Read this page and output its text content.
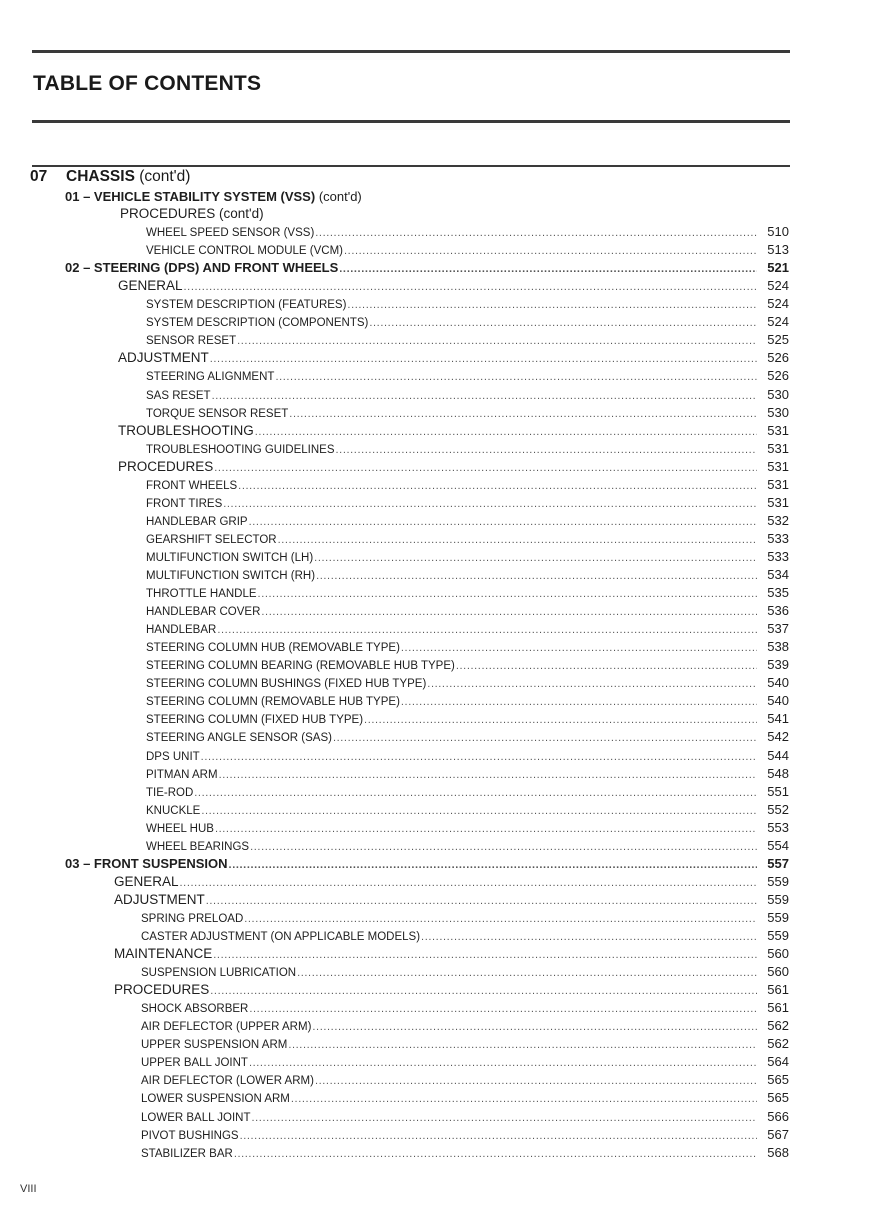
TABLE OF CONTENTS
07 CHASSIS (cont'd)
01 – VEHICLE STABILITY SYSTEM (VSS) (cont'd)
PROCEDURES (cont'd)
WHEEL SPEED SENSOR (VSS) .....	510
VEHICLE CONTROL MODULE (VCM) .....	513
02 – STEERING (DPS) AND FRONT WHEELS .....	521
GENERAL .....	524
SYSTEM DESCRIPTION (FEATURES) .....	524
SYSTEM DESCRIPTION (COMPONENTS) .....	524
SENSOR RESET .....	525
ADJUSTMENT .....	526
STEERING ALIGNMENT .....	526
SAS RESET .....	530
TORQUE SENSOR RESET .....	530
TROUBLESHOOTING .....	531
TROUBLESHOOTING GUIDELINES .....	531
PROCEDURES .....	531
FRONT WHEELS .....	531
FRONT TIRES .....	531
HANDLEBAR GRIP .....	532
GEARSHIFT SELECTOR .....	533
MULTIFUNCTION SWITCH (LH) .....	533
MULTIFUNCTION SWITCH (RH) .....	534
THROTTLE HANDLE .....	535
HANDLEBAR COVER .....	536
HANDLEBAR .....	537
STEERING COLUMN HUB (REMOVABLE TYPE) .....	538
STEERING COLUMN BEARING (REMOVABLE HUB TYPE) .....	539
STEERING COLUMN BUSHINGS (FIXED HUB TYPE) .....	540
STEERING COLUMN (REMOVABLE HUB TYPE) .....	540
STEERING COLUMN (FIXED HUB TYPE) .....	541
STEERING ANGLE SENSOR (SAS) .....	542
DPS UNIT .....	544
PITMAN ARM .....	548
TIE-ROD .....	551
KNUCKLE .....	552
WHEEL HUB .....	553
WHEEL BEARINGS .....	554
03 – FRONT SUSPENSION .....	557
GENERAL .....	559
ADJUSTMENT .....	559
SPRING PRELOAD .....	559
CASTER ADJUSTMENT (ON APPLICABLE MODELS) .....	559
MAINTENANCE .....	560
SUSPENSION LUBRICATION .....	560
PROCEDURES .....	561
SHOCK ABSORBER .....	561
AIR DEFLECTOR (UPPER ARM) .....	562
UPPER SUSPENSION ARM .....	562
UPPER BALL JOINT .....	564
AIR DEFLECTOR (LOWER ARM) .....	565
LOWER SUSPENSION ARM .....	565
LOWER BALL JOINT .....	566
PIVOT BUSHINGS .....	567
STABILIZER BAR .....	568
VIII
